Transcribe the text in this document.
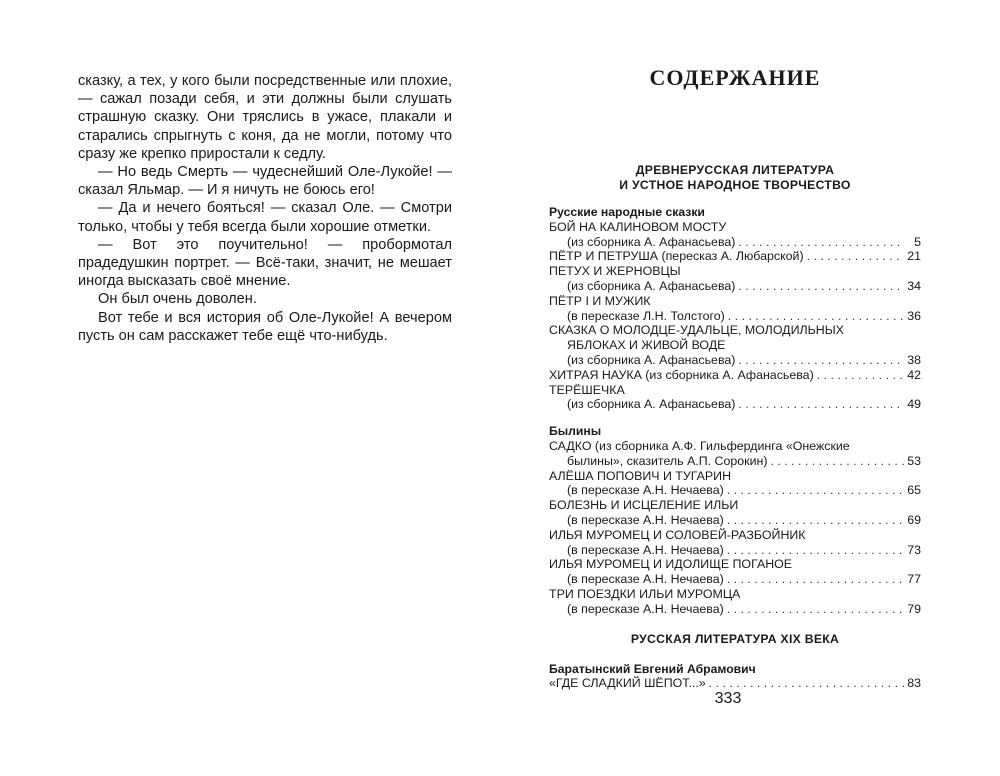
сказку, а тех, у кого были посредственные или плохие, — сажал позади себя, и эти должны были слушать страшную сказку. Они тряслись в ужасе, плакали и старались спрыгнуть с коня, да не могли, потому что сразу же крепко приростали к седлу.

— Но ведь Смерть — чудеснейший Оле-Лукойе! — сказал Яльмар. — И я ничуть не боюсь его!

— Да и нечего бояться! — сказал Оле. — Смотри только, чтобы у тебя всегда были хорошие отметки.

— Вот это поучительно! — пробормотал прадедушкин портрет. — Всё-таки, значит, не мешает иногда высказать своё мнение.

Он был очень доволен.

Вот тебе и вся история об Оле-Лукойе! А вечером пусть он сам расскажет тебе ещё что-нибудь.

СОДЕРЖАНИЕ
ДРЕВНЕРУССКАЯ ЛИТЕРАТУРА
И УСТНОЕ НАРОДНОЕ ТВОРЧЕСТВО
Русские народные сказки
БОЙ НА КАЛИНОВОМ МОСТУ
(из сборника А. Афанасьева) . . .	5
ПЁТР И ПЕТРУША (пересказ А. Любарской) . . .	21
ПЕТУХ И ЖЕРНОВЦЫ
(из сборника А. Афанасьева) . . .	34
ПЁТР I И МУЖИК
(в пересказе Л.Н. Толстого) . . .	36
СКАЗКА О МОЛОДЦЕ-УДАЛЬЦЕ, МОЛОДИЛЬНЫХ
ЯБЛОКАХ И ЖИВОЙ ВОДЕ
(из сборника А. Афанасьева) . . .	38
ХИТРАЯ НАУКА (из сборника А. Афанасьева) . . .	42
ТЕРЁШЕЧКА
(из сборника А. Афанасьева) . . .	49
Былины
САДКО (из сборника А.Ф. Гильфердинга «Онежские
былины», сказитель А.П. Сорокин) . . .	53
АЛЁША ПОПОВИЧ И ТУГАРИН
(в пересказе А.Н. Нечаева) . . .	65
БОЛЕЗНЬ И ИСЦЕЛЕНИЕ ИЛЬИ
(в пересказе А.Н. Нечаева) . . .	69
ИЛЬЯ МУРОМЕЦ И СОЛОВЕЙ-РАЗБОЙНИК
(в пересказе А.Н. Нечаева) . . .	73
ИЛЬЯ МУРОМЕЦ И ИДОЛИЩЕ ПОГАНОЕ
(в пересказе А.Н. Нечаева) . . .	77
ТРИ ПОЕЗДКИ ИЛЬИ МУРОМЦА
(в пересказе А.Н. Нечаева) . . .	79
РУССКАЯ ЛИТЕРАТУРА XIX ВЕКА
Баратынский Евгений Абрамович
«ГДЕ СЛАДКИЙ ШЁПОТ...» . . .	83
333
